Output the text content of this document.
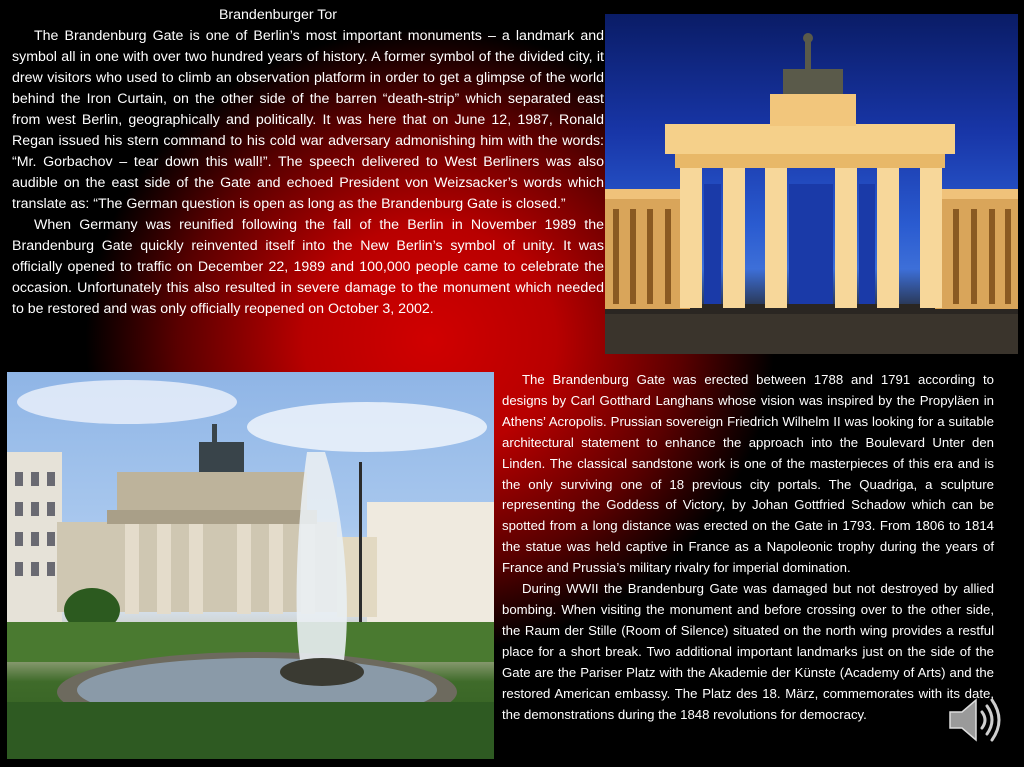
Brandenburger Tor

The Brandenburg Gate is one of Berlin’s most important monuments – a landmark and symbol all in one with over two hundred years of history. A former symbol of the divided city, it drew visitors who used to climb an observation platform in order to get a glimpse of the world behind the Iron Curtain, on the other side of the barren “death-strip” which separated east from west Berlin, geographically and politically. It was here that on June 12, 1987, Ronald Regan issued his stern command to his cold war adversary admonishing him with the words: “Mr. Gorbachov – tear down this wall!”. The speech delivered to West Berliners was also audible on the east side of the Gate and echoed President von Weizsacker’s words which translate as: “The German question is open as long as the Brandenburg Gate is closed.”

When Germany was reunified following the fall of the Berlin in November 1989 the Brandenburg Gate quickly reinvented itself into the New Berlin’s symbol of unity. It was officially opened to traffic on December 22, 1989 and 100,000 people came to celebrate the occasion. Unfortunately this also resulted in severe damage to the monument which needed to be restored and was only officially reopened on October 3, 2002.

The Brandenburg Gate was erected between 1788 and 1791 according to designs by Carl Gotthard Langhans whose vision was inspired by the Propyläen in Athens’ Acropolis. Prussian sovereign Friedrich Wilhelm II was looking for a suitable architectural statement to enhance the approach into the Boulevard Unter den Linden. The classical sandstone work is one of the masterpieces of this era and is the only surviving one of 18 previous city portals. The Quadriga, a sculpture representing the Goddess of Victory, by Johan Gottfried Schadow which can be spotted from a long distance was erected on the Gate in 1793. From 1806 to 1814 the statue was held captive in France as a Napoleonic trophy during the years of France and Prussia’s military rivalry for imperial domination.

During WWII the Brandenburg Gate was damaged but not destroyed by allied bombing. When visiting the monument and before crossing over to the other side, the Raum der Stille (Room of Silence) situated on the north wing provides a restful place for a short break. Two additional important landmarks just on the side of the Gate are the Pariser Platz with the Akademie der Künste (Academy of Arts) and the restored American embassy. The Platz des 18. März, commemorates with its date, the demonstrations during the 1848 revolutions for democracy.
